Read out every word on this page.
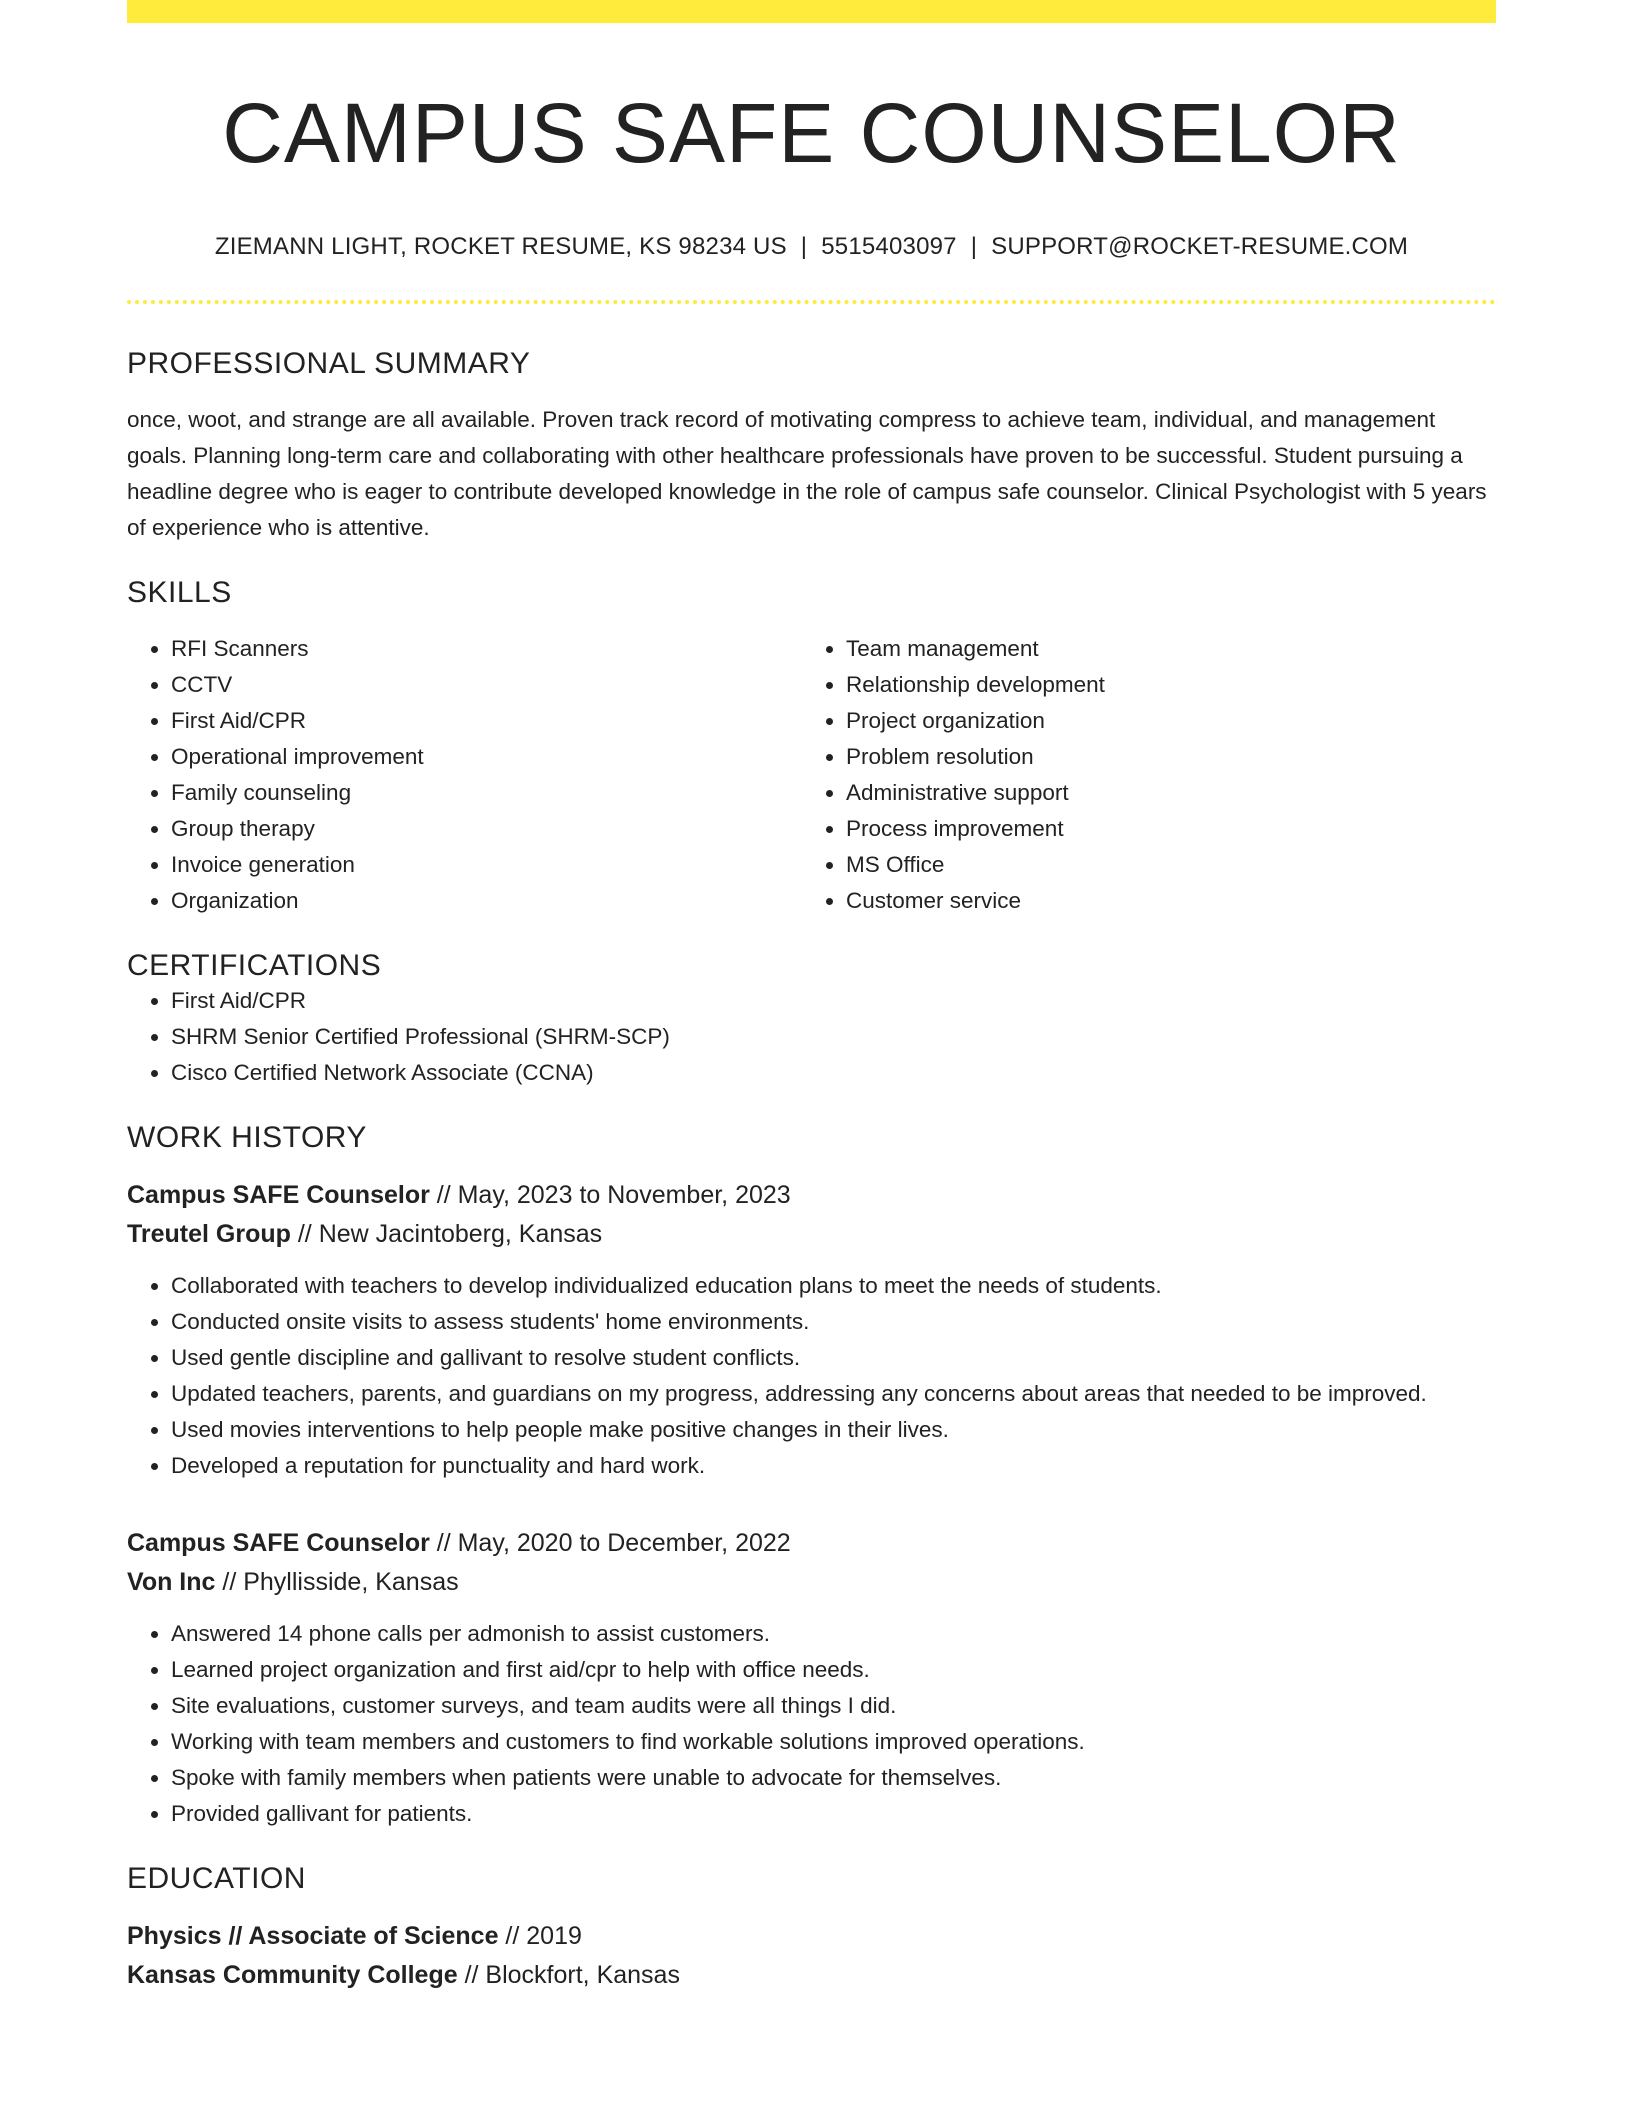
CAMPUS SAFE COUNSELOR
ZIEMANN LIGHT, ROCKET RESUME, KS 98234 US | 5515403097 | SUPPORT@ROCKET-RESUME.COM
PROFESSIONAL SUMMARY

once, woot, and strange are all available. Proven track record of motivating compress to achieve team, individual, and management goals. Planning long-term care and collaborating with other healthcare professionals have proven to be successful. Student pursuing a headline degree who is eager to contribute developed knowledge in the role of campus safe counselor. Clinical Psychologist with 5 years of experience who is attentive.

SKILLS
• RFI Scanners
• CCTV
• First Aid/CPR
• Operational improvement
• Family counseling
• Group therapy
• Invoice generation
• Organization
• Team management
• Relationship development
• Project organization
• Problem resolution
• Administrative support
• Process improvement
• MS Office
• Customer service
CERTIFICATIONS
• First Aid/CPR
• SHRM Senior Certified Professional (SHRM-SCP)
• Cisco Certified Network Associate (CCNA)
WORK HISTORY
Campus SAFE Counselor // May, 2023 to November, 2023
Treutel Group // New Jacintoberg, Kansas
• Collaborated with teachers to develop individualized education plans to meet the needs of students.
• Conducted onsite visits to assess students' home environments.
• Used gentle discipline and gallivant to resolve student conflicts.
• Updated teachers, parents, and guardians on my progress, addressing any concerns about areas that needed to be improved.
• Used movies interventions to help people make positive changes in their lives.
• Developed a reputation for punctuality and hard work.
Campus SAFE Counselor // May, 2020 to December, 2022
Von Inc // Phyllisside, Kansas
• Answered 14 phone calls per admonish to assist customers.
• Learned project organization and first aid/cpr to help with office needs.
• Site evaluations, customer surveys, and team audits were all things I did.
• Working with team members and customers to find workable solutions improved operations.
• Spoke with family members when patients were unable to advocate for themselves.
• Provided gallivant for patients.
EDUCATION
Physics // Associate of Science // 2019
Kansas Community College // Blockfort, Kansas
